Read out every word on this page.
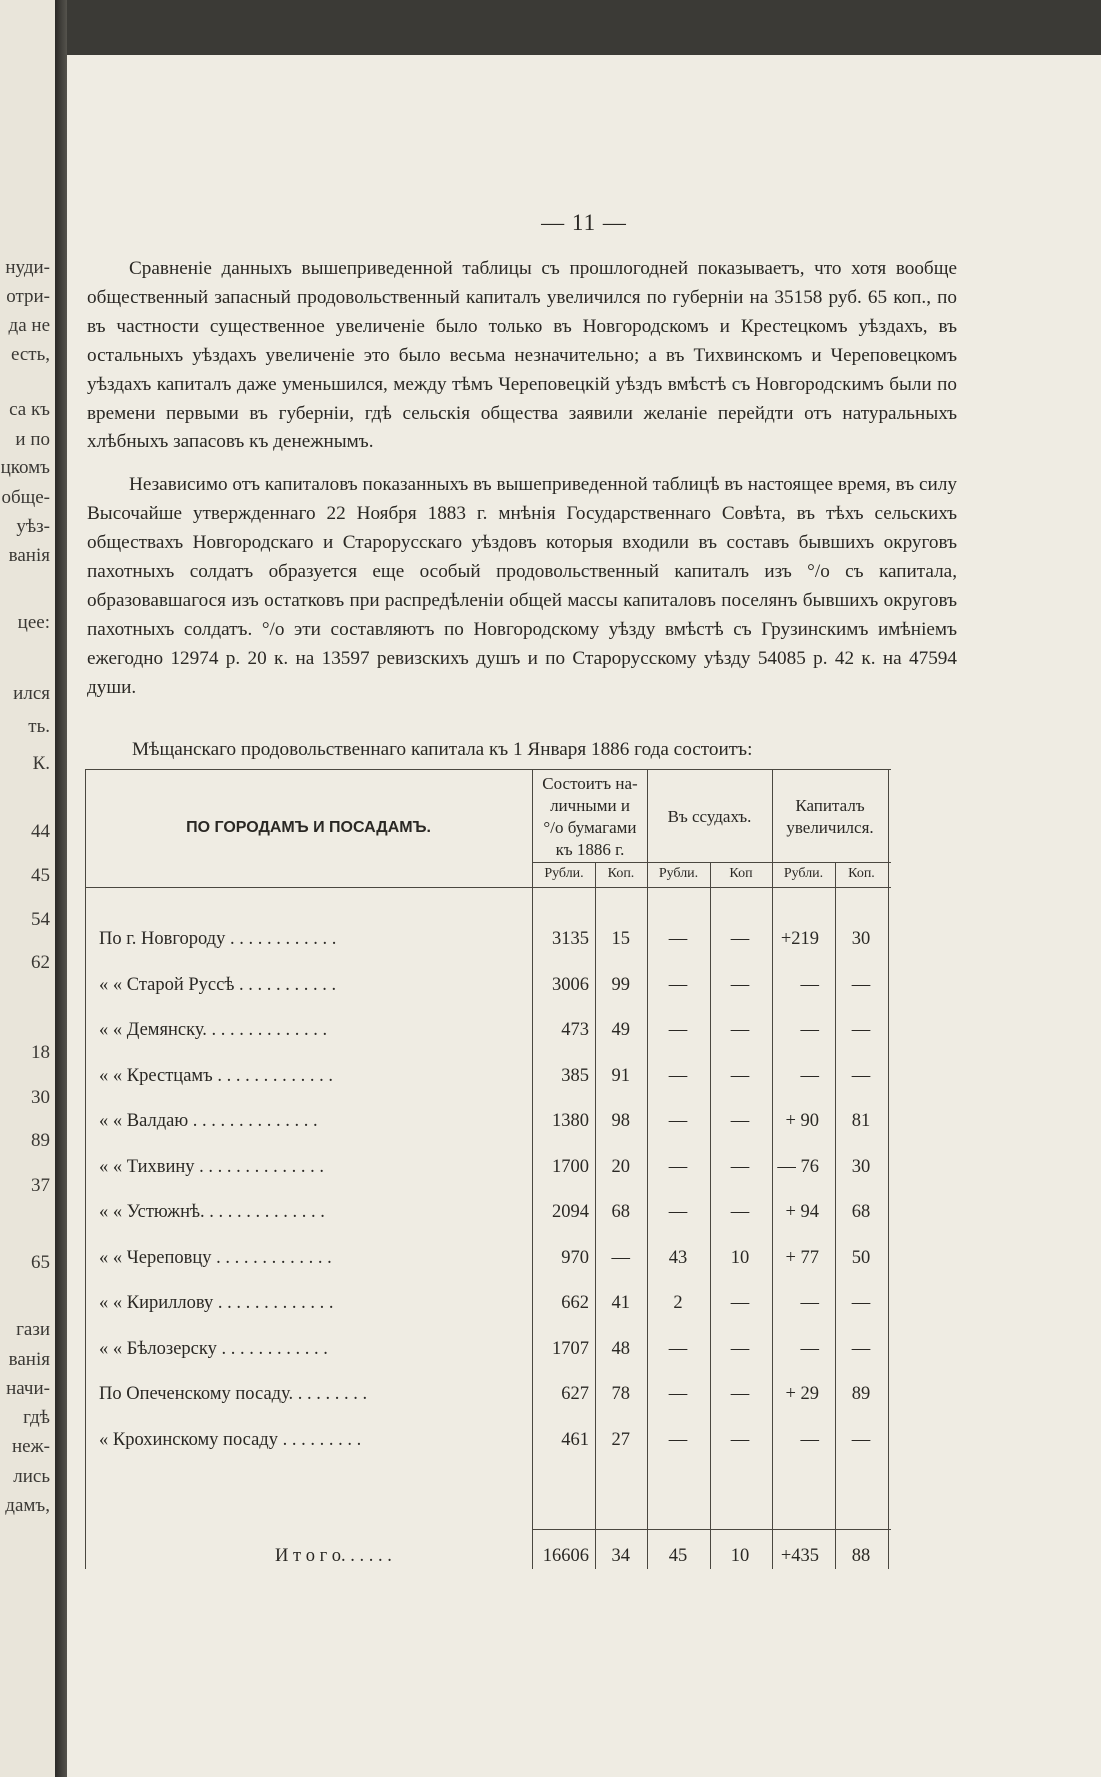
нуди-
отри-
да не
есть,
са къ
и по
цкомъ
обще-
уѣз-
ванія
цее:
ился
ть.
К.
44
45
54
62
18
30
89
37
65
гази
ванія
начи-
гдѣ
неж-
лись
дамъ,
— 11 —

Сравненіе данныхъ вышеприведенной таблицы съ прошлогодней показываетъ, что хотя вообще общественный запасный продовольственный капиталъ увеличился по губерніи на 35158 руб. 65 коп., по въ частности существенное увеличеніе было только въ Новгородскомъ и Крестецкомъ уѣздахъ, въ остальныхъ уѣздахъ увеличеніе это было весьма незначительно; а въ Тихвинскомъ и Череповецкомъ уѣздахъ капиталъ даже уменьшился, между тѣмъ Череповецкій уѣздъ вмѣстѣ съ Новгородскимъ были по времени первыми въ губерніи, гдѣ сельскія общества заявили желаніе перейдти отъ натуральныхъ хлѣбныхъ запасовъ къ денежнымъ.

Независимо отъ капиталовъ показанныхъ въ вышеприведенной таблицѣ въ настоящее время, въ силу Высочайше утвержденнаго 22 Ноября 1883 г. мнѣнія Государственнаго Совѣта, въ тѣхъ сельскихъ обществахъ Новгородскаго и Старорусскаго уѣздовъ которыя входили въ составъ бывшихъ округовъ пахотныхъ солдатъ образуется еще особый продовольственный капиталъ изъ °/о съ капитала, образовавшагося изъ остатковъ при распредѣленіи общей массы капиталовъ поселянъ бывшихъ округовъ пахотныхъ солдатъ. °/о эти составляютъ по Новгородскому уѣзду вмѣстѣ съ Грузинскимъ имѣніемъ ежегодно 12974 р. 20 к. на 13597 ревизскихъ душъ и по Старорусскому уѣзду 54085 р. 42 к. на 47594 души.

Мѣщанскаго продовольственнаго капитала къ 1 Января 1886 года состоитъ:
ПО ГОРОДАМЪ И ПОСАДАМЪ.
Состоитъ на-
личными и
°/о бумагами
къ 1886 г.
Въ ссудахъ.
Капиталъ
увеличился.
Рубли.	Коп.	Рубли.	Коп	Рубли.	Коп.
По г. Новгороду . . . . . . . . . . . .	3135	15	—	—	+219	30
« « Старой Руссѣ . . . . . . . . . . .	3006	99	—	—	—	—
« « Демянску. . . . . . . . . . . . . .	473	49	—	—	—	—
« « Крестцамъ . . . . . . . . . . . . .	385	91	—	—	—	—
« « Валдаю . . . . . . . . . . . . . .	1380	98	—	—	+ 90	81
« « Тихвину . . . . . . . . . . . . . .	1700	20	—	—	— 76	30
« « Устюжнѣ. . . . . . . . . . . . . .	2094	68	—	—	+ 94	68
« « Череповцу . . . . . . . . . . . . .	970	—	43	10	+ 77	50
« « Кириллову . . . . . . . . . . . . .	662	41	2	—	—	—
« « Бѣлозерску . . . . . . . . . . . .	1707	48	—	—	—	—
По Опеченскому посаду. . . . . . . . .	627	78	—	—	+ 29	89
« Крохинскому посаду . . . . . . . . .	461	27	—	—	—	—
И т о г о. . . . . .	16606	34	45	10	+435	88
